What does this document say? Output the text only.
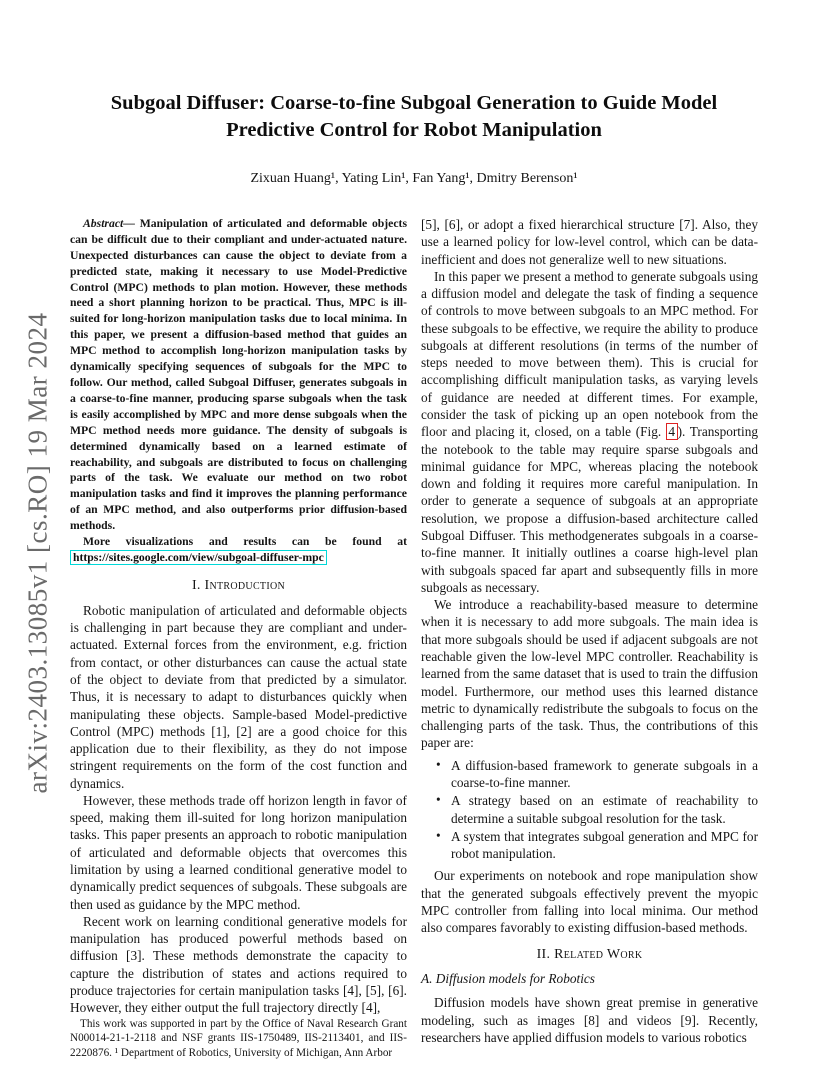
arXiv:2403.13085v1 [cs.RO] 19 Mar 2024
Subgoal Diffuser: Coarse-to-fine Subgoal Generation to Guide Model Predictive Control for Robot Manipulation
Zixuan Huang¹, Yating Lin¹, Fan Yang¹, Dmitry Berenson¹

Abstract— Manipulation of articulated and deformable objects can be difficult due to their compliant and under-actuated nature. Unexpected disturbances can cause the object to deviate from a predicted state, making it necessary to use Model-Predictive Control (MPC) methods to plan motion. However, these methods need a short planning horizon to be practical. Thus, MPC is ill-suited for long-horizon manipulation tasks due to local minima. In this paper, we present a diffusion-based method that guides an MPC method to accomplish long-horizon manipulation tasks by dynamically specifying sequences of subgoals for the MPC to follow. Our method, called Subgoal Diffuser, generates subgoals in a coarse-to-fine manner, producing sparse subgoals when the task is easily accomplished by MPC and more dense subgoals when the MPC method needs more guidance. The density of subgoals is determined dynamically based on a learned estimate of reachability, and subgoals are distributed to focus on challenging parts of the task. We evaluate our method on two robot manipulation tasks and find it improves the planning performance of an MPC method, and also outperforms prior diffusion-based methods.

More visualizations and results can be found at https://sites.google.com/view/subgoal-diffuser-mpc

I. Introduction

Robotic manipulation of articulated and deformable objects is challenging in part because they are compliant and under-actuated. External forces from the environment, e.g. friction from contact, or other disturbances can cause the actual state of the object to deviate from that predicted by a simulator. Thus, it is necessary to adapt to disturbances quickly when manipulating these objects. Sample-based Model-predictive Control (MPC) methods [1], [2] are a good choice for this application due to their flexibility, as they do not impose stringent requirements on the form of the cost function and dynamics.

However, these methods trade off horizon length in favor of speed, making them ill-suited for long horizon manipulation tasks. This paper presents an approach to robotic manipulation of articulated and deformable objects that overcomes this limitation by using a learned conditional generative model to dynamically predict sequences of subgoals. These subgoals are then used as guidance by the MPC method.

Recent work on learning conditional generative models for manipulation has produced powerful methods based on diffusion [3]. These methods demonstrate the capacity to capture the distribution of states and actions required to produce trajectories for certain manipulation tasks [4], [5], [6]. However, they either output the full trajectory directly [4],

This work was supported in part by the Office of Naval Research Grant N00014-21-1-2118 and NSF grants IIS-1750489, IIS-2113401, and IIS-2220876. ¹ Department of Robotics, University of Michigan, Ann Arbor

[5], [6], or adopt a fixed hierarchical structure [7]. Also, they use a learned policy for low-level control, which can be data-inefficient and does not generalize well to new situations.

In this paper we present a method to generate subgoals using a diffusion model and delegate the task of finding a sequence of controls to move between subgoals to an MPC method. For these subgoals to be effective, we require the ability to produce subgoals at different resolutions (in terms of the number of steps needed to move between them). This is crucial for accomplishing difficult manipulation tasks, as varying levels of guidance are needed at different times. For example, consider the task of picking up an open notebook from the floor and placing it, closed, on a table (Fig. 4 ). Transporting the notebook to the table may require sparse subgoals and minimal guidance for MPC, whereas placing the notebook down and folding it requires more careful manipulation. In order to generate a sequence of subgoals at an appropriate resolution, we propose a diffusion-based architecture called Subgoal Diffuser. This methodgenerates subgoals in a coarse-to-fine manner. It initially outlines a coarse high-level plan with subgoals spaced far apart and subsequently fills in more subgoals as necessary.

We introduce a reachability-based measure to determine when it is necessary to add more subgoals. The main idea is that more subgoals should be used if adjacent subgoals are not reachable given the low-level MPC controller. Reachability is learned from the same dataset that is used to train the diffusion model. Furthermore, our method uses this learned distance metric to dynamically redistribute the subgoals to focus on the challenging parts of the task. Thus, the contributions of this paper are:

• A diffusion-based framework to generate subgoals in a coarse-to-fine manner.
• A strategy based on an estimate of reachability to determine a suitable subgoal resolution for the task.
• A system that integrates subgoal generation and MPC for robot manipulation.

Our experiments on notebook and rope manipulation show that the generated subgoals effectively prevent the myopic MPC controller from falling into local minima. Our method also compares favorably to existing diffusion-based methods.

II. Related Work
A. Diffusion models for Robotics

Diffusion models have shown great premise in generative modeling, such as images [8] and videos [9]. Recently, researchers have applied diffusion models to various robotics
